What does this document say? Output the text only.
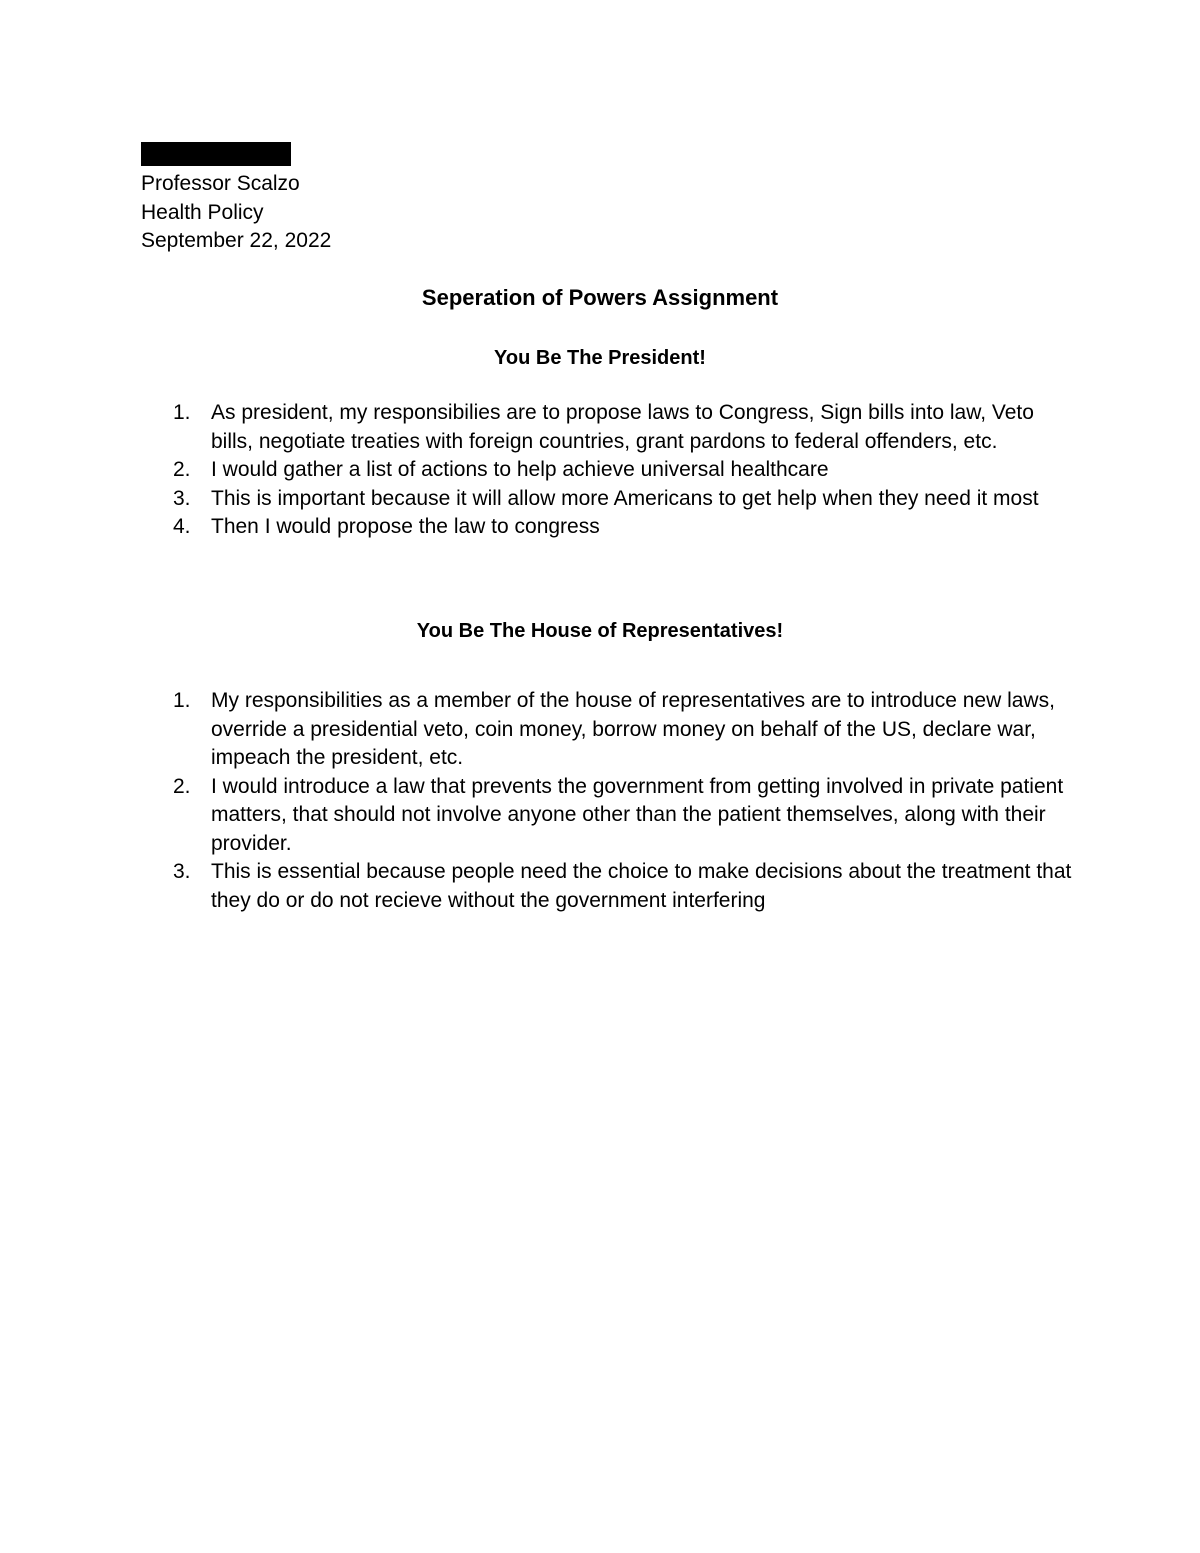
Professor Scalzo
Health Policy
September 22, 2022
Seperation of Powers Assignment
You Be The President!
1. As president, my responsibilies are to propose laws to Congress, Sign bills into law, Veto bills, negotiate treaties with foreign countries, grant pardons to federal offenders, etc.
2. I would gather a list of actions to help achieve universal healthcare
3. This is important because it will allow more Americans to get help when they need it most
4. Then I would propose the law to congress
You Be The House of Representatives!
1. My responsibilities as a member of the house of representatives are to introduce new laws, override a presidential veto, coin money, borrow money on behalf of the US, declare war, impeach the president, etc.
2. I would introduce a law that prevents the government from getting involved in private patient matters, that should not involve anyone other than the patient themselves, along with their provider.
3. This is essential because people need the choice to make decisions about the treatment that they do or do not recieve without the government interfering
